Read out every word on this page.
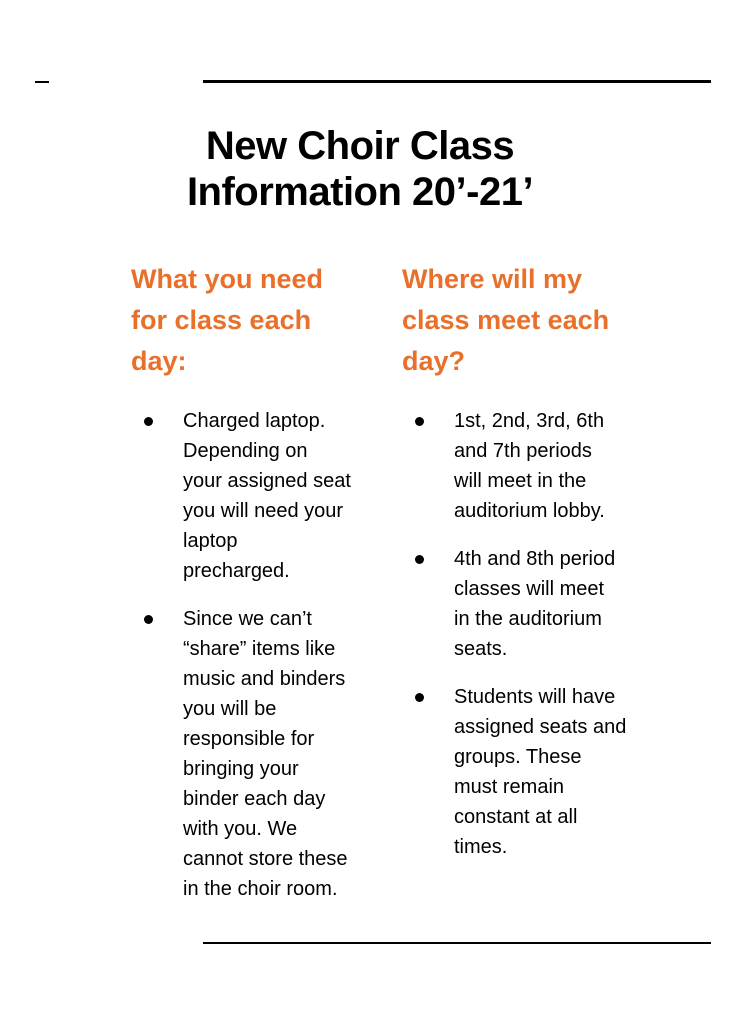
New Choir Class
Information 20’-21’
What you need
for class each
day:
Charged laptop.
Depending on
your assigned seat
you will need your
laptop
precharged.
Since we can’t
“share” items like
music and binders
you will be
responsible for
bringing your
binder each day
with you. We
cannot store these
in the choir room.
Where will my
class meet each
day?
1st, 2nd, 3rd, 6th
and 7th periods
will meet in the
auditorium lobby.
4th and 8th period
classes will meet
in the auditorium
seats.
Students will have
assigned seats and
groups. These
must remain
constant at all
times.
